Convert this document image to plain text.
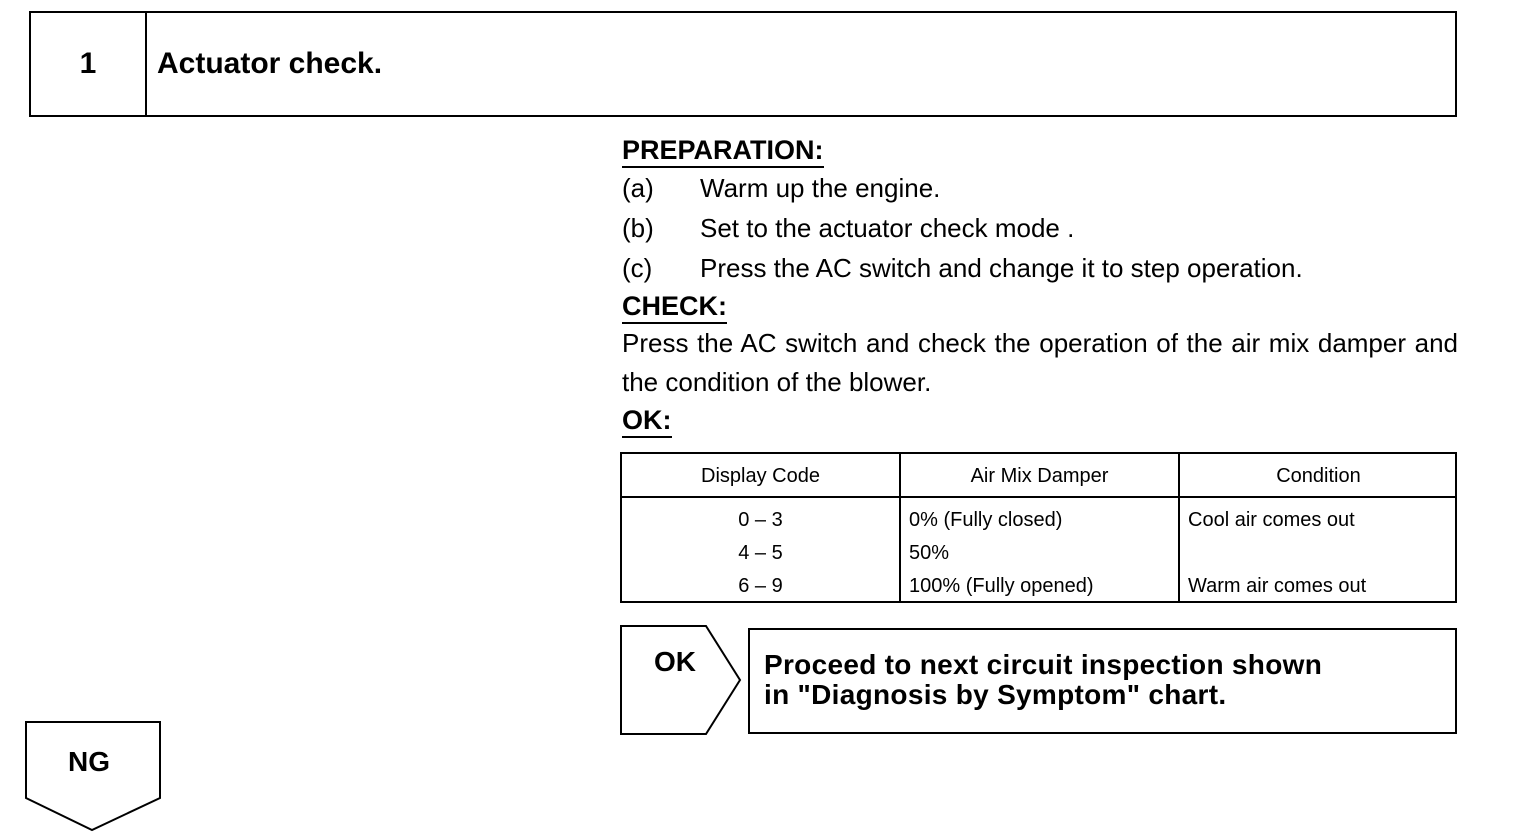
1	Actuator check.
PREPARATION:
(a)	Warm up the engine.
(b)	Set to the actuator check mode .
(c)	Press the AC switch and change it to step operation.
CHECK:
Press the AC switch and check the operation of the air mix damper and the condition of the blower.
OK:
Display Code	Air Mix Damper	Condition
0 – 3	0% (Fully closed)	Cool air comes out
4 – 5	50%
6 – 9	100% (Fully opened)	Warm air comes out
OK Proceed to next circuit inspection shown
in "Diagnosis by Symptom" chart.
NG
